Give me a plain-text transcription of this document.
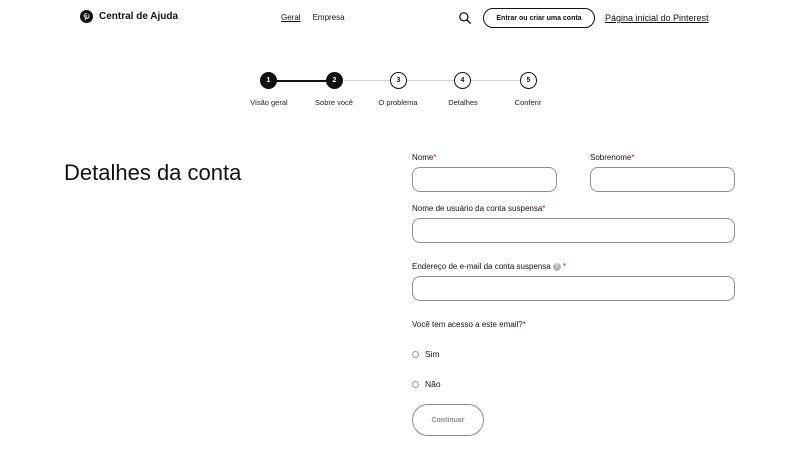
Central de Ajuda	Geral Empresa	Entrar ou criar uma conta	Página inicial do Pinterest
1	2	3	4	5
Visão geral	Sobre você	O problema	Detalhes	Conferir
Detalhes da conta
Nome*	Sobrenome*
Nome de usuário da conta suspensa*
Endereço de e-mail da conta suspensa ? *
Você tem acesso a este email?*
Sim
Não
Continuar
